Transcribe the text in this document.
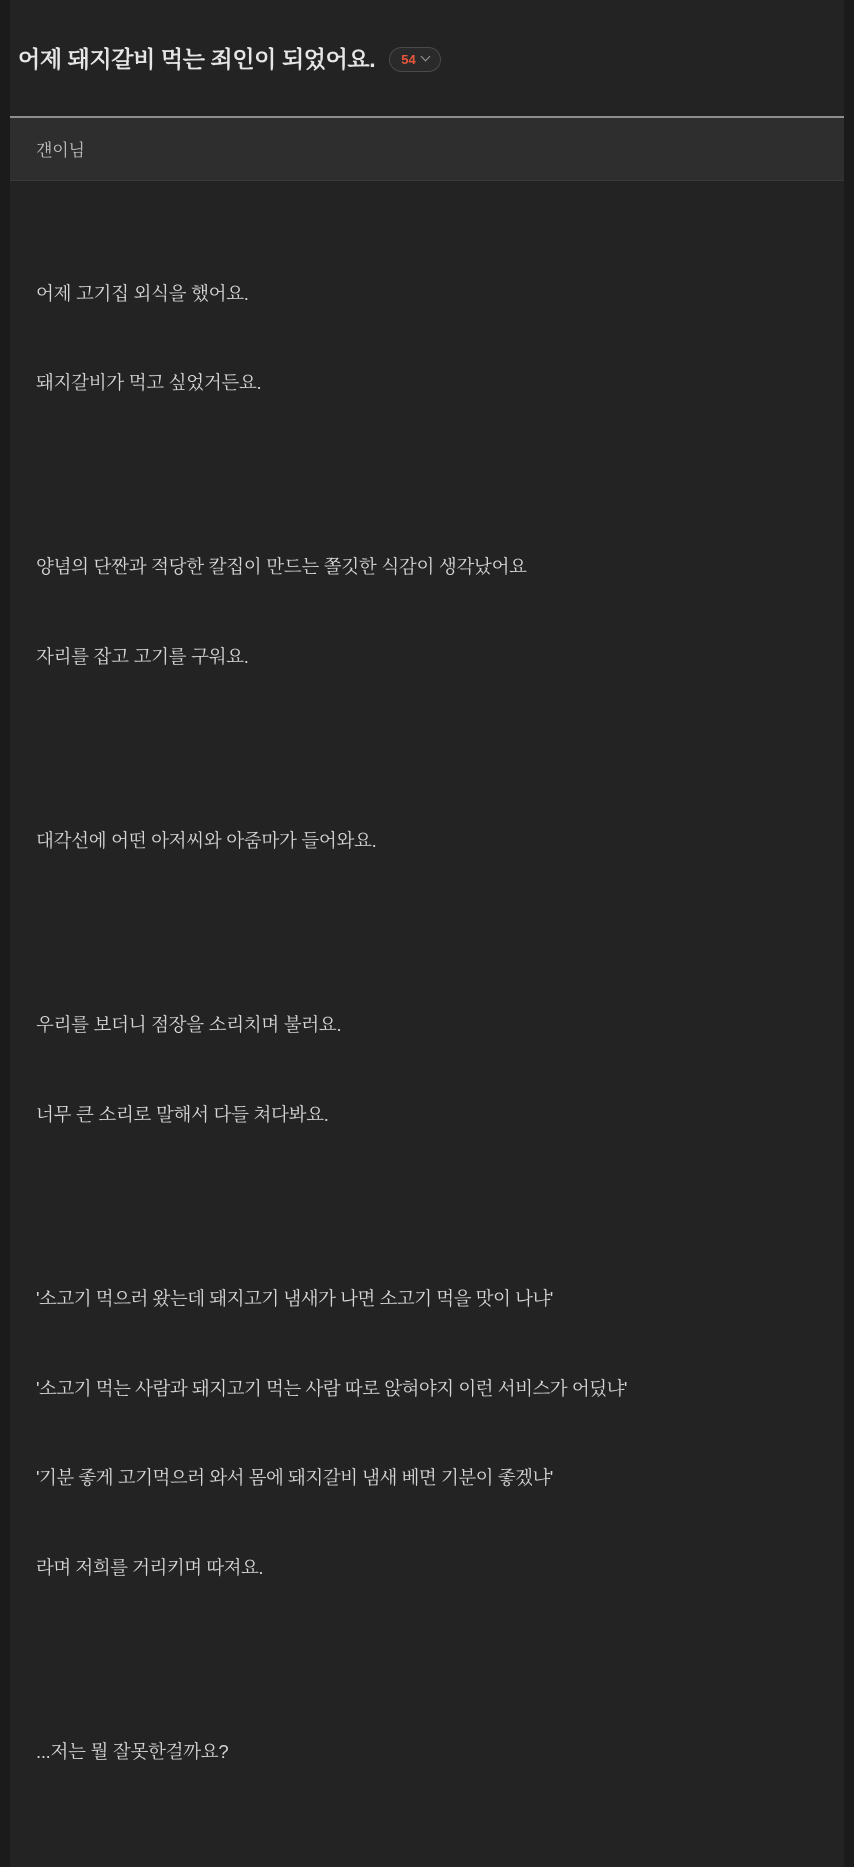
어제 돼지갈비 먹는 죄인이 되었어요. 54
걘이님

어제 고기집 외식을 했어요.

돼지갈비가 먹고 싶었거든요.

양념의 단짠과 적당한 칼집이 만드는 쫄깃한 식감이 생각났어요

자리를 잡고 고기를 구워요.

대각선에 어떤 아저씨와 아줌마가 들어와요.

우리를 보더니 점장을 소리치며 불러요.

너무 큰 소리로 말해서 다들 쳐다봐요.

'소고기 먹으러 왔는데 돼지고기 냄새가 나면 소고기 먹을 맛이 나냐'

'소고기 먹는 사람과 돼지고기 먹는 사람 따로 앉혀야지 이런 서비스가 어딨냐'

'기분 좋게 고기먹으러 와서 몸에 돼지갈비 냄새 베면 기분이 좋겠냐'

라며 저희를 거리키며 따져요.

...저는 뭘 잘못한걸까요?
